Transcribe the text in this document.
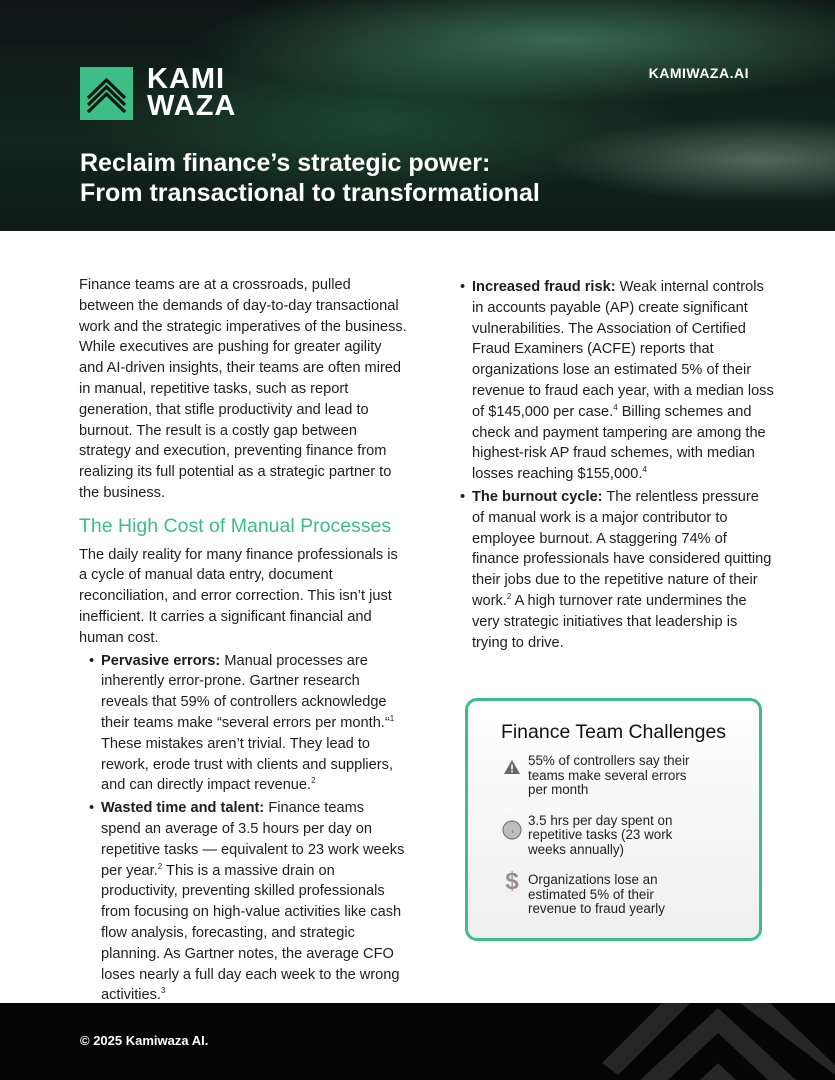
KAMI
WAZA
KAMIWAZA.AI
Reclaim finance’s strategic power:
From transactional to transformational

Finance teams are at a crossroads, pulled between the demands of day-to-day transactional work and the strategic imperatives of the business. While executives are pushing for greater agility and AI-driven insights, their teams are often mired in manual, repetitive tasks, such as report generation, that stifle productivity and lead to burnout. The result is a costly gap between strategy and execution, preventing finance from realizing its full potential as a strategic partner to the business.

The High Cost of Manual Processes

The daily reality for many finance professionals is a cycle of manual data entry, document reconciliation, and error correction. This isn’t just inefficient. It carries a significant financial and human cost.

• Pervasive errors: Manual processes are inherently error-prone. Gartner research reveals that 59% of controllers acknowledge their teams make “several errors per month.“$^1$ These mistakes aren’t trivial. They lead to rework, erode trust with clients and suppliers, and can directly impact revenue.$^2$
• Wasted time and talent: Finance teams spend an average of 3.5 hours per day on repetitive tasks — equivalent to 23 work weeks per year.$^2$ This is a massive drain on productivity, preventing skilled professionals from focusing on high-value activities like cash flow analysis, forecasting, and strategic planning. As Gartner notes, the average CFO loses nearly a full day each week to the wrong activities.$^3$
• Increased fraud risk: Weak internal controls in accounts payable (AP) create significant vulnerabilities. The Association of Certified Fraud Examiners (ACFE) reports that organizations lose an estimated 5% of their revenue to fraud each year, with a median loss of $145,000 per case.$^4$ Billing schemes and check and payment tampering are among the highest-risk AP fraud schemes, with median losses reaching $155,000.$^4$
• The burnout cycle: The relentless pressure of manual work is a major contributor to employee burnout. A staggering 74% of finance professionals have considered quitting their jobs due to the repetitive nature of their work.$^2$ A high turnover rate undermines the very strategic initiatives that leadership is trying to drive.
Finance Team Challenges
55% of controllers say their teams make several errors per month
3.5 hrs per day spent on repetitive tasks (23 work weeks annually)
$ Organizations lose an estimated 5% of their revenue to fraud yearly
© 2025 Kamiwaza AI.
